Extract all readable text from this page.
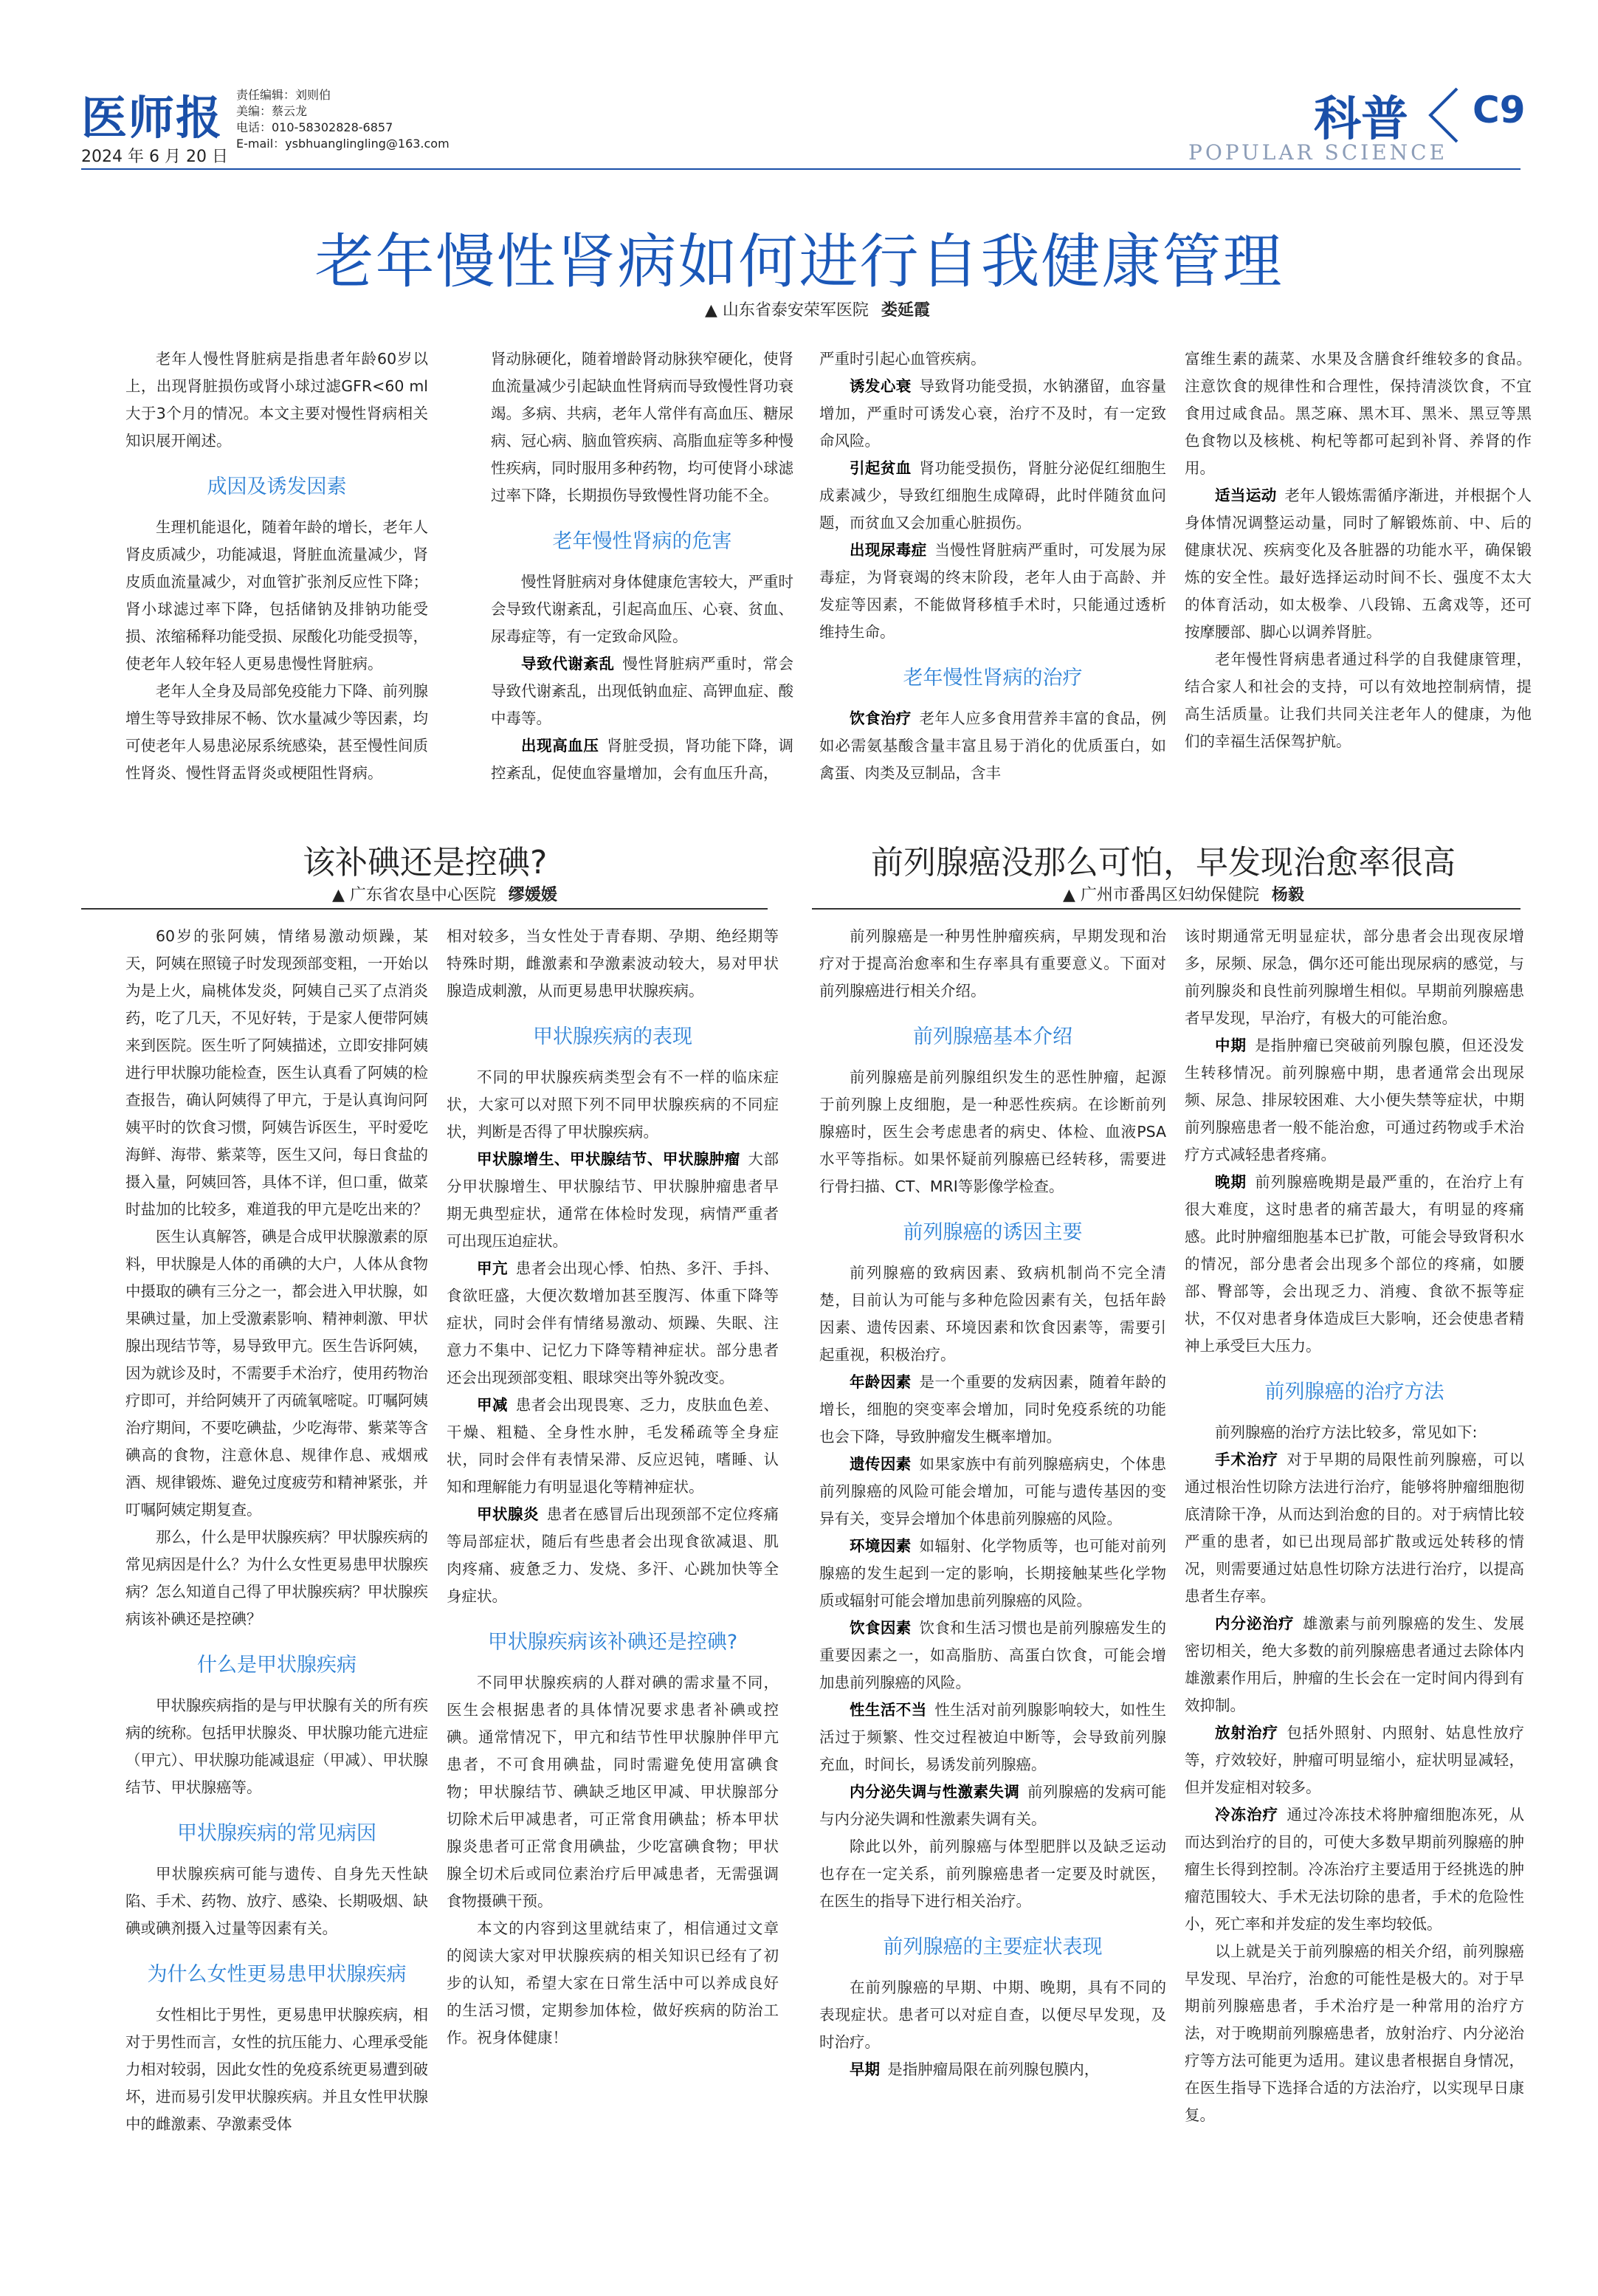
医师报
2024 年 6 月 20 日
责任编辑：刘则伯
美编：蔡云龙
电话：010-58302828-6857
E-mail：ysbhuanglingling@163.com	科普
POPULAR SCIENCE
C9
老年慢性肾病如何进行自我健康管理
▲ 山东省泰安荣军医院 娄延霞

老年人慢性肾脏病是指患者年龄60岁以上，出现肾脏损伤或肾小球过滤GFR<60 ml大于3个月的情况。本文主要对慢性肾病相关知识展开阐述。

成因及诱发因素

生理机能退化，随着年龄的增长，老年人肾皮质减少，功能减退，肾脏血流量减少，肾皮质血流量减少，对血管扩张剂反应性下降；肾小球滤过率下降，包括储钠及排钠功能受损、浓缩稀释功能受损、尿酸化功能受损等，使老年人较年轻人更易患慢性肾脏病。

老年人全身及局部免疫能力下降、前列腺增生等导致排尿不畅、饮水量减少等因素，均可使老年人易患泌尿系统感染，甚至慢性间质性肾炎、慢性肾盂肾炎或梗阻性肾病。

肾动脉硬化，随着增龄肾动脉狭窄硬化，使肾血流量减少引起缺血性肾病而导致慢性肾功衰竭。多病、共病，老年人常伴有高血压、糖尿病、冠心病、脑血管疾病、高脂血症等多种慢性疾病，同时服用多种药物，均可使肾小球滤过率下降，长期损伤导致慢性肾功能不全。

老年慢性肾病的危害

慢性肾脏病对身体健康危害较大，严重时会导致代谢紊乱，引起高血压、心衰、贫血、尿毒症等，有一定致命风险。

导致代谢紊乱  慢性肾脏病严重时，常会导致代谢紊乱，出现低钠血症、高钾血症、酸中毒等。

出现高血压  肾脏受损，肾功能下降，调控紊乱，促使血容量增加，会有血压升高，

严重时引起心血管疾病。

诱发心衰  导致肾功能受损，水钠潴留，血容量增加，严重时可诱发心衰，治疗不及时，有一定致命风险。

引起贫血  肾功能受损伤，肾脏分泌促红细胞生成素减少，导致红细胞生成障碍，此时伴随贫血问题，而贫血又会加重心脏损伤。

出现尿毒症  当慢性肾脏病严重时，可发展为尿毒症，为肾衰竭的终末阶段，老年人由于高龄、并发症等因素，不能做肾移植手术时，只能通过透析维持生命。

老年慢性肾病的治疗

饮食治疗  老年人应多食用营养丰富的食品，例如必需氨基酸含量丰富且易于消化的优质蛋白，如禽蛋、肉类及豆制品，含丰

富维生素的蔬菜、水果及含膳食纤维较多的食品。注意饮食的规律性和合理性，保持清淡饮食，不宜食用过咸食品。黑芝麻、黑木耳、黑米、黑豆等黑色食物以及核桃、枸杞等都可起到补肾、养肾的作用。

适当运动  老年人锻炼需循序渐进，并根据个人身体情况调整运动量，同时了解锻炼前、中、后的健康状况、疾病变化及各脏器的功能水平，确保锻炼的安全性。最好选择运动时间不长、强度不太大的体育活动，如太极拳、八段锦、五禽戏等，还可按摩腰部、脚心以调养肾脏。

老年慢性肾病患者通过科学的自我健康管理，结合家人和社会的支持，可以有效地控制病情，提高生活质量。让我们共同关注老年人的健康，为他们的幸福生活保驾护航。

该补碘还是控碘?
▲ 广东省农垦中心医院 缪媛媛

60岁的张阿姨，情绪易激动烦躁，某天，阿姨在照镜子时发现颈部变粗，一开始以为是上火，扁桃体发炎，阿姨自己买了点消炎药，吃了几天，不见好转，于是家人便带阿姨来到医院。医生听了阿姨描述，立即安排阿姨进行甲状腺功能检查，医生认真看了阿姨的检查报告，确认阿姨得了甲亢，于是认真询问阿姨平时的饮食习惯，阿姨告诉医生，平时爱吃海鲜、海带、紫菜等，医生又问，每日食盐的摄入量，阿姨回答，具体不详，但口重，做菜时盐加的比较多，难道我的甲亢是吃出来的？

医生认真解答，碘是合成甲状腺激素的原料，甲状腺是人体的甬碘的大户，人体从食物中摄取的碘有三分之一，都会进入甲状腺，如果碘过量，加上受激素影响、精神刺激、甲状腺出现结节等，易导致甲亢。医生告诉阿姨，因为就诊及时，不需要手术治疗，使用药物治疗即可，并给阿姨开了丙硫氧嘧啶。叮嘱阿姨治疗期间，不要吃碘盐，少吃海带、紫菜等含碘高的食物，注意休息、规律作息、戒烟戒酒、规律锻炼、避免过度疲劳和精神紧张，并叮嘱阿姨定期复查。

那么，什么是甲状腺疾病？甲状腺疾病的常见病因是什么？为什么女性更易患甲状腺疾病？怎么知道自己得了甲状腺疾病？甲状腺疾病该补碘还是控碘？

什么是甲状腺疾病

甲状腺疾病指的是与甲状腺有关的所有疾病的统称。包括甲状腺炎、甲状腺功能亢进症（甲亢）、甲状腺功能减退症（甲减）、甲状腺结节、甲状腺癌等。

甲状腺疾病的常见病因

甲状腺疾病可能与遗传、自身先天性缺陷、手术、药物、放疗、感染、长期吸烟、缺碘或碘剂摄入过量等因素有关。

为什么女性更易患甲状腺疾病

女性相比于男性，更易患甲状腺疾病，相对于男性而言，女性的抗压能力、心理承受能力相对较弱，因此女性的免疫系统更易遭到破坏，进而易引发甲状腺疾病。并且女性甲状腺中的雌激素、孕激素受体

相对较多，当女性处于青春期、孕期、绝经期等特殊时期，雌激素和孕激素波动较大，易对甲状腺造成刺激，从而更易患甲状腺疾病。

甲状腺疾病的表现

不同的甲状腺疾病类型会有不一样的临床症状，大家可以对照下列不同甲状腺疾病的不同症状，判断是否得了甲状腺疾病。

甲状腺增生、甲状腺结节、甲状腺肿瘤  大部分甲状腺增生、甲状腺结节、甲状腺肿瘤患者早期无典型症状，通常在体检时发现，病情严重者可出现压迫症状。

甲亢  患者会出现心悸、怕热、多汗、手抖、食欲旺盛，大便次数增加甚至腹泻、体重下降等症状，同时会伴有情绪易激动、烦躁、失眠、注意力不集中、记忆力下降等精神症状。部分患者还会出现颈部变粗、眼球突出等外貌改变。

甲减  患者会出现畏寒、乏力，皮肤血色差、干燥、粗糙、全身性水肿，毛发稀疏等全身症状，同时会伴有表情呆滞、反应迟钝，嗜睡、认知和理解能力有明显退化等精神症状。

甲状腺炎  患者在感冒后出现颈部不定位疼痛等局部症状，随后有些患者会出现食欲减退、肌肉疼痛、疲惫乏力、发烧、多汗、心跳加快等全身症状。

甲状腺疾病该补碘还是控碘?

不同甲状腺疾病的人群对碘的需求量不同，医生会根据患者的具体情况要求患者补碘或控碘。通常情况下，甲亢和结节性甲状腺肿伴甲亢患者，不可食用碘盐，同时需避免使用富碘食物；甲状腺结节、碘缺乏地区甲减、甲状腺部分切除术后甲减患者，可正常食用碘盐；桥本甲状腺炎患者可正常食用碘盐，少吃富碘食物；甲状腺全切术后或同位素治疗后甲减患者，无需强调食物摄碘干预。

本文的内容到这里就结束了，相信通过文章的阅读大家对甲状腺疾病的相关知识已经有了初步的认知，希望大家在日常生活中可以养成良好的生活习惯，定期参加体检，做好疾病的防治工作。祝身体健康！

前列腺癌没那么可怕，早发现治愈率很高
▲ 广州市番禺区妇幼保健院 杨毅

前列腺癌是一种男性肿瘤疾病，早期发现和治疗对于提高治愈率和生存率具有重要意义。下面对前列腺癌进行相关介绍。

前列腺癌基本介绍

前列腺癌是前列腺组织发生的恶性肿瘤，起源于前列腺上皮细胞，是一种恶性疾病。在诊断前列腺癌时，医生会考虑患者的病史、体检、血液PSA水平等指标。如果怀疑前列腺癌已经转移，需要进行骨扫描、CT、MRI等影像学检查。

前列腺癌的诱因主要

前列腺癌的致病因素、致病机制尚不完全清楚，目前认为可能与多种危险因素有关，包括年龄因素、遗传因素、环境因素和饮食因素等，需要引起重视，积极治疗。

年龄因素  是一个重要的发病因素，随着年龄的增长，细胞的突变率会增加，同时免疫系统的功能也会下降，导致肿瘤发生概率增加。

遗传因素  如果家族中有前列腺癌病史，个体患前列腺癌的风险可能会增加，可能与遗传基因的变异有关，变异会增加个体患前列腺癌的风险。

环境因素  如辐射、化学物质等，也可能对前列腺癌的发生起到一定的影响，长期接触某些化学物质或辐射可能会增加患前列腺癌的风险。

饮食因素  饮食和生活习惯也是前列腺癌发生的重要因素之一，如高脂肪、高蛋白饮食，可能会增加患前列腺癌的风险。

性生活不当  性生活对前列腺影响较大，如性生活过于频繁、性交过程被迫中断等，会导致前列腺充血，时间长，易诱发前列腺癌。

内分泌失调与性激素失调  前列腺癌的发病可能与内分泌失调和性激素失调有关。

除此以外，前列腺癌与体型肥胖以及缺乏运动也存在一定关系，前列腺癌患者一定要及时就医，在医生的指导下进行相关治疗。

前列腺癌的主要症状表现

在前列腺癌的早期、中期、晚期，具有不同的表现症状。患者可以对症自查，以便尽早发现，及时治疗。

早期  是指肿瘤局限在前列腺包膜内，

该时期通常无明显症状，部分患者会出现夜尿增多，尿频、尿急，偶尔还可能出现尿病的感觉，与前列腺炎和良性前列腺增生相似。早期前列腺癌患者早发现，早治疗，有极大的可能治愈。

中期  是指肿瘤已突破前列腺包膜，但还没发生转移情况。前列腺癌中期，患者通常会出现尿频、尿急、排尿较困难、大小便失禁等症状，中期前列腺癌患者一般不能治愈，可通过药物或手术治疗方式减轻患者疼痛。

晚期  前列腺癌晚期是最严重的，在治疗上有很大难度，这时患者的痛苦最大，有明显的疼痛感。此时肿瘤细胞基本已扩散，可能会导致肾积水的情况，部分患者会出现多个部位的疼痛，如腰部、臀部等，会出现乏力、消瘦、食欲不振等症状，不仅对患者身体造成巨大影响，还会使患者精神上承受巨大压力。

前列腺癌的治疗方法

前列腺癌的治疗方法比较多，常见如下:

手术治疗  对于早期的局限性前列腺癌，可以通过根治性切除方法进行治疗，能够将肿瘤细胞彻底清除干净，从而达到治愈的目的。对于病情比较严重的患者，如已出现局部扩散或远处转移的情况，则需要通过姑息性切除方法进行治疗，以提高患者生存率。

内分泌治疗  雄激素与前列腺癌的发生、发展密切相关，绝大多数的前列腺癌患者通过去除体内雄激素作用后，肿瘤的生长会在一定时间内得到有效抑制。

放射治疗  包括外照射、内照射、姑息性放疗等，疗效较好，肿瘤可明显缩小，症状明显减轻，但并发症相对较多。

冷冻治疗  通过冷冻技术将肿瘤细胞冻死，从而达到治疗的目的，可使大多数早期前列腺癌的肿瘤生长得到控制。冷冻治疗主要适用于经挑选的肿瘤范围较大、手术无法切除的患者，手术的危险性小，死亡率和并发症的发生率均较低。

以上就是关于前列腺癌的相关介绍，前列腺癌早发现、早治疗，治愈的可能性是极大的。对于早期前列腺癌患者，手术治疗是一种常用的治疗方法，对于晚期前列腺癌患者，放射治疗、内分泌治疗等方法可能更为适用。建议患者根据自身情况，在医生指导下选择合适的方法治疗，以实现早日康复。
